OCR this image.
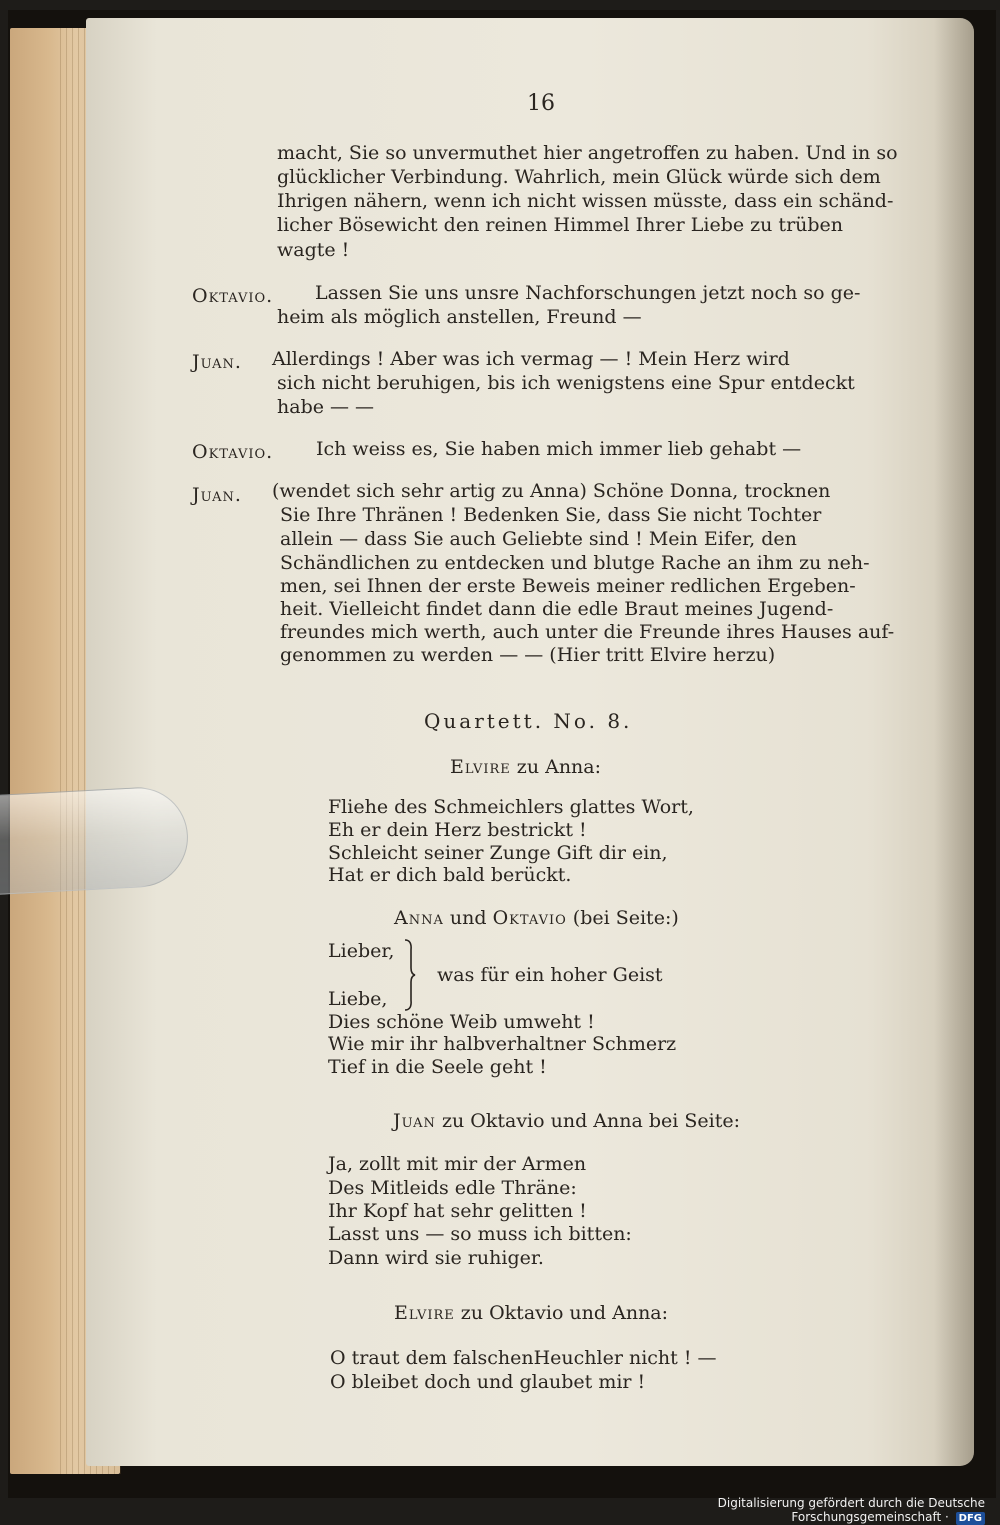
16
macht, Sie so unvermuthet hier angetroffen zu haben. Und in so
glücklicher Verbindung. Wahrlich, mein Glück würde sich dem
Ihrigen nähern, wenn ich nicht wissen müsste, dass ein schänd-
licher Bösewicht den reinen Himmel Ihrer Liebe zu trüben
wagte !
Oktavio. Lassen Sie uns unsre Nachforschungen jetzt noch so ge-
heim als möglich anstellen, Freund —
Juan. Allerdings ! Aber was ich vermag — ! Mein Herz wird
sich nicht beruhigen, bis ich wenigstens eine Spur entdeckt
habe — —
Oktavio. Ich weiss es, Sie haben mich immer lieb gehabt —
Juan. (wendet sich sehr artig zu Anna) Schöne Donna, trocknen
Sie Ihre Thränen ! Bedenken Sie, dass Sie nicht Tochter
allein — dass Sie auch Geliebte sind ! Mein Eifer, den
Schändlichen zu entdecken und blutge Rache an ihm zu neh-
men, sei Ihnen der erste Beweis meiner redlichen Ergeben-
heit. Vielleicht findet dann die edle Braut meines Jugend-
freundes mich werth, auch unter die Freunde ihres Hauses auf-
genommen zu werden — — (Hier tritt Elvire herzu)
Quartett. No. 8.
Elvire zu Anna:
Fliehe des Schmeichlers glattes Wort,
Eh er dein Herz bestrickt !
Schleicht seiner Zunge Gift dir ein,
Hat er dich bald berückt.
Anna und Oktavio (bei Seite:)
Lieber,
was für ein hoher Geist
Liebe,
Dies schöne Weib umweht !
Wie mir ihr halbverhaltner Schmerz
Tief in die Seele geht !
Juan zu Oktavio und Anna bei Seite:
Ja, zollt mit mir der Armen
Des Mitleids edle Thräne:
Ihr Kopf hat sehr gelitten !
Lasst uns — so muss ich bitten:
Dann wird sie ruhiger.
Elvire zu Oktavio und Anna:
O traut dem falschenHeuchler nicht ! —
O bleibet doch und glaubet mir !
Digitalisierung gefördert durch die Deutsche Forschungsgemeinschaft · DFG
